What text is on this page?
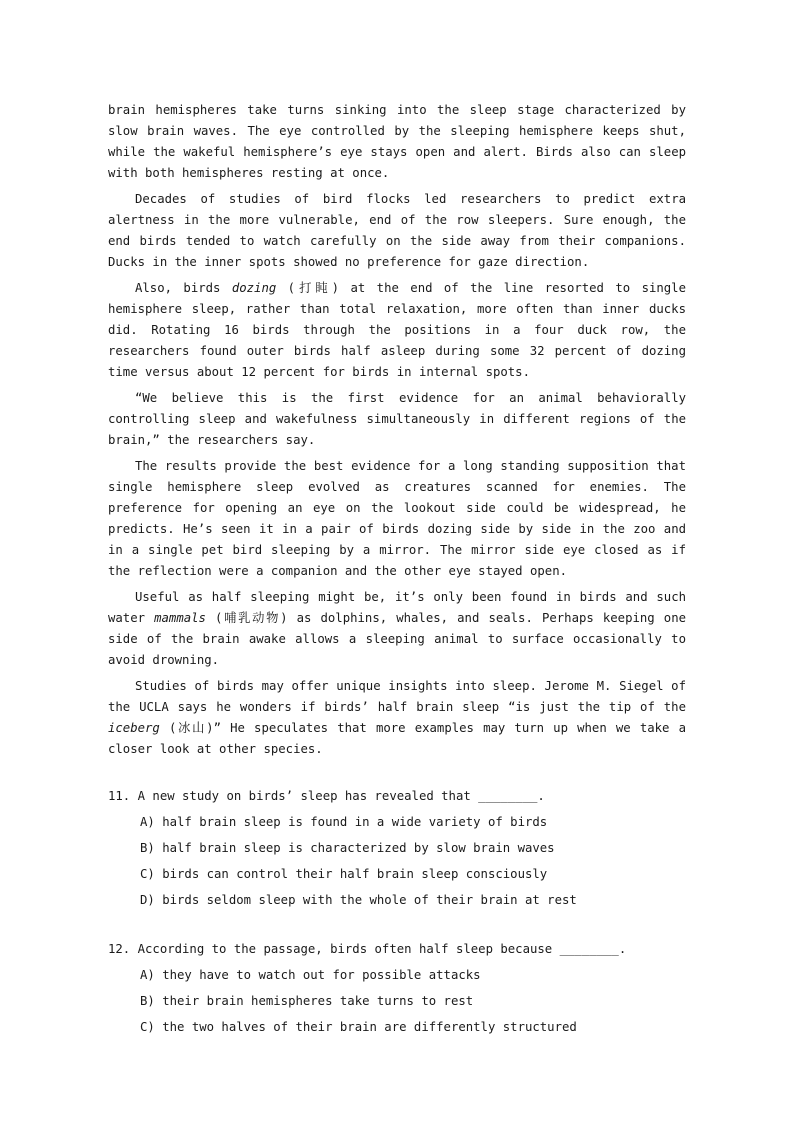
brain hemispheres take turns sinking into the sleep stage characterized by slow brain waves. The eye controlled by the sleeping hemisphere keeps shut, while the wakeful hemisphere’s eye stays open and alert. Birds also can sleep with both hemispheres resting at once.

Decades of studies of bird flocks led researchers to predict extra alertness in the more vulnerable, end of the row sleepers. Sure enough, the end birds tended to watch carefully on the side away from their companions. Ducks in the inner spots showed no preference for gaze direction.

Also, birds dozing (打盹) at the end of the line resorted to single hemisphere sleep, rather than total relaxation, more often than inner ducks did. Rotating 16 birds through the positions in a four duck row, the researchers found outer birds half asleep during some 32 percent of dozing time versus about 12 percent for birds in internal spots.

“We believe this is the first evidence for an animal behaviorally controlling sleep and wakefulness simultaneously in different regions of the brain,” the researchers say.

The results provide the best evidence for a long standing supposition that single hemisphere sleep evolved as creatures scanned for enemies. The preference for opening an eye on the lookout side could be widespread, he predicts. He’s seen it in a pair of birds dozing side by side in the zoo and in a single pet bird sleeping by a mirror. The mirror side eye closed as if the reflection were a companion and the other eye stayed open.

Useful as half sleeping might be, it’s only been found in birds and such water mammals (哺乳动物) as dolphins, whales, and seals. Perhaps keeping one side of the brain awake allows a sleeping animal to surface occasionally to avoid drowning.

Studies of birds may offer unique insights into sleep. Jerome M. Siegel of the UCLA says he wonders if birds’ half brain sleep “is just the tip of the iceberg (冰山)” He speculates that more examples may turn up when we take a closer look at other species.

11. A new study on birds’ sleep has revealed that ________.

A) half brain sleep is found in a wide variety of birds

B) half brain sleep is characterized by slow brain waves

C) birds can control their half brain sleep consciously

D) birds seldom sleep with the whole of their brain at rest

12. According to the passage, birds often half sleep because ________.

A) they have to watch out for possible attacks

B) their brain hemispheres take turns to rest

C) the two halves of their brain are differently structured
